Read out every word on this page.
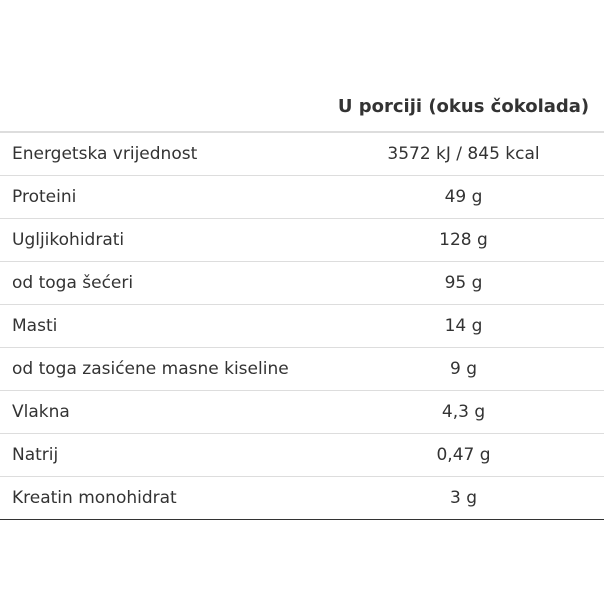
	U porciji (okus čokolada)
Energetska vrijednost	3572 kJ / 845 kcal
Proteini	49 g
Ugljikohidrati	128 g
od toga šećeri	95 g
Masti	14 g
od toga zasićene masne kiseline	9 g
Vlakna	4,3 g
Natrij	0,47 g
Kreatin monohidrat	3 g
